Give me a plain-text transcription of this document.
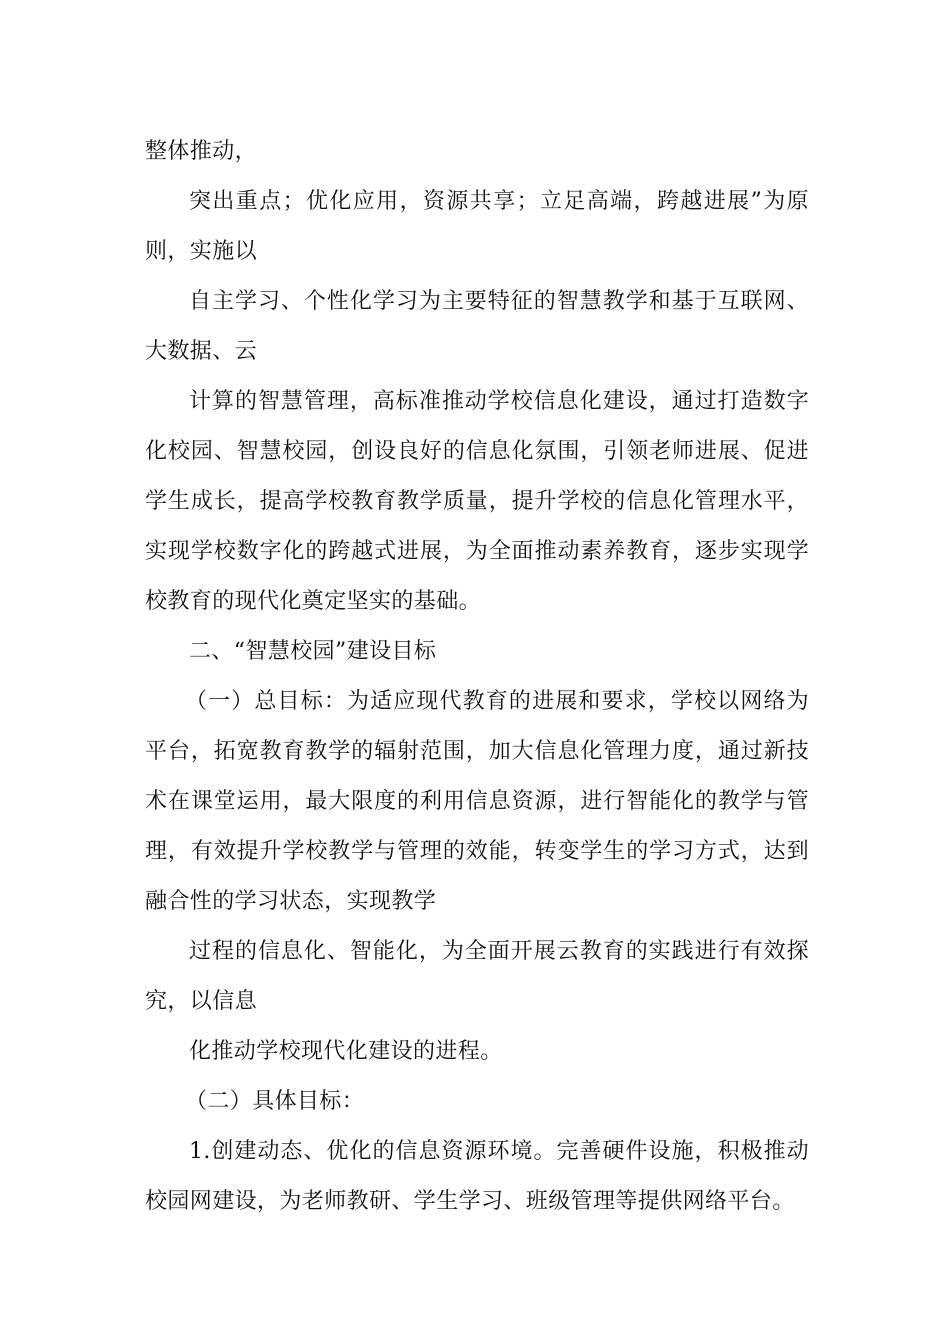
整体推动，

突出重点；优化应用，资源共享；立足高端，跨越进展”为原则，实施以

自主学习、个性化学习为主要特征的智慧教学和基于互联网、大数据、云

计算的智慧管理，高标准推动学校信息化建设，通过打造数字化校园、智慧校园，创设良好的信息化氛围，引领老师进展、促进学生成长，提高学校教育教学质量，提升学校的信息化管理水平，实现学校数字化的跨越式进展，为全面推动素养教育，逐步实现学校教育的现代化奠定坚实的基础。

二、“智慧校园”建设目标

（一）总目标：为适应现代教育的进展和要求，学校以网络为平台，拓宽教育教学的辐射范围，加大信息化管理力度，通过新技术在课堂运用，最大限度的利用信息资源，进行智能化的教学与管理，有效提升学校教学与管理的效能，转变学生的学习方式，达到融合性的学习状态，实现教学

过程的信息化、智能化，为全面开展云教育的实践进行有效探究，以信息

化推动学校现代化建设的进程。

（二）具体目标：

1.创建动态、优化的信息资源环境。完善硬件设施，积极推动校园网建设，为老师教研、学生学习、班级管理等提供网络平台。
